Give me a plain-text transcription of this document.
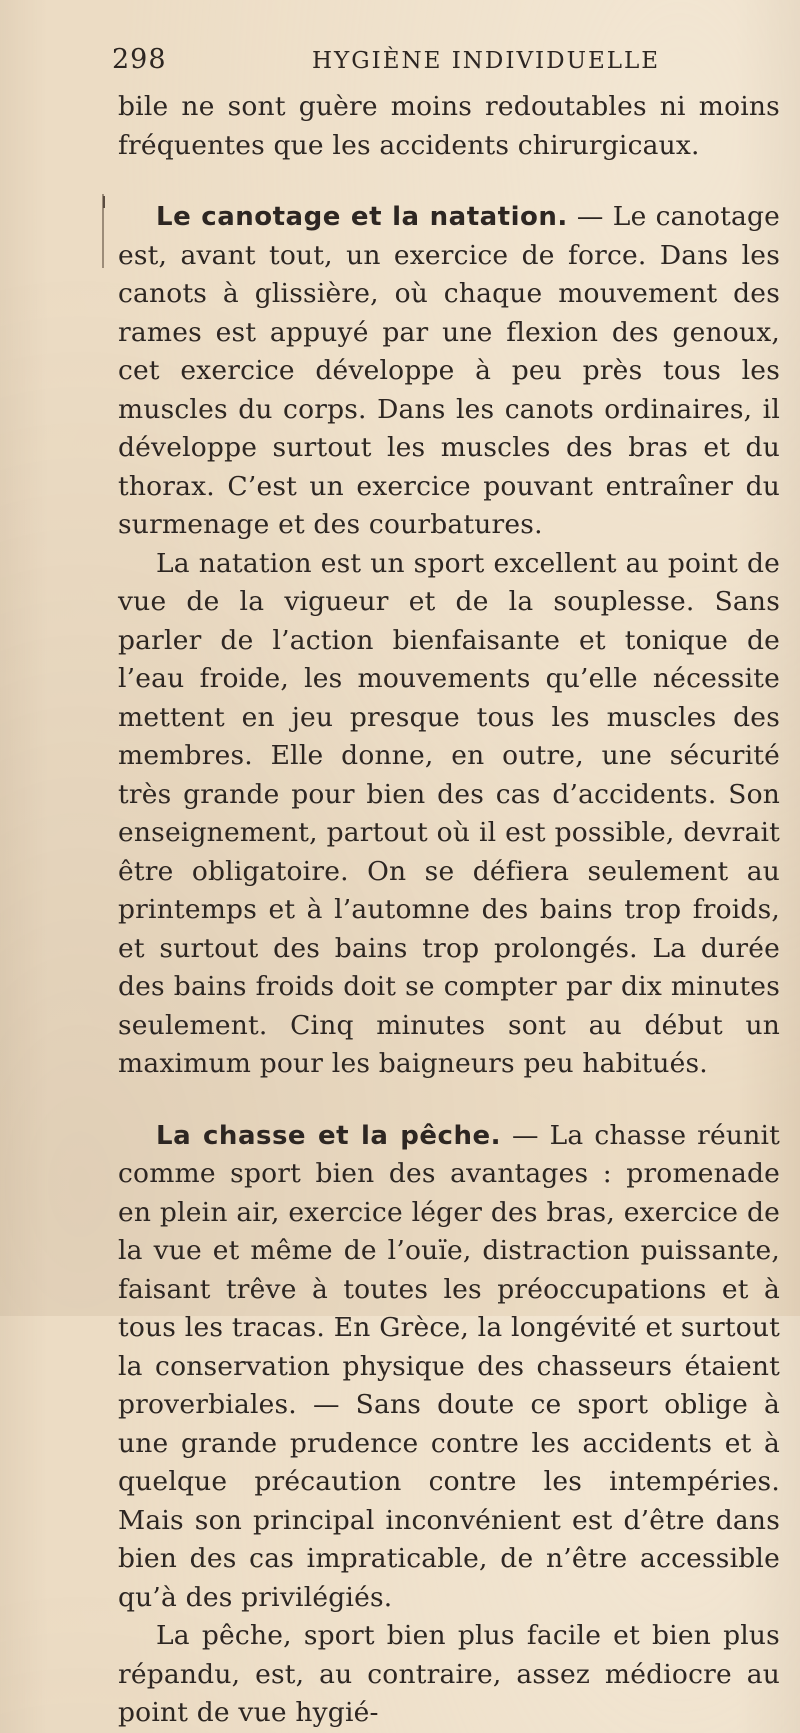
298	HYGIÈNE INDIVIDUELLE

bile ne sont guère moins redoutables ni moins fréquentes que les accidents chirurgicaux.

Le canotage et la natation. — Le canotage est, avant tout, un exercice de force. Dans les canots à glissière, où chaque mouvement des rames est appuyé par une flexion des genoux, cet exercice développe à peu près tous les muscles du corps. Dans les canots ordinaires, il développe surtout les muscles des bras et du thorax. C’est un exercice pouvant entraîner du surmenage et des courbatures.

La natation est un sport excellent au point de vue de la vigueur et de la souplesse. Sans parler de l’action bienfaisante et tonique de l’eau froide, les mouvements qu’elle nécessite mettent en jeu presque tous les muscles des membres. Elle donne, en outre, une sécurité très grande pour bien des cas d’accidents. Son enseignement, partout où il est possible, devrait être obligatoire. On se défiera seulement au printemps et à l’automne des bains trop froids, et surtout des bains trop prolongés. La durée des bains froids doit se compter par dix minutes seulement. Cinq minutes sont au début un maximum pour les baigneurs peu habitués.

La chasse et la pêche. — La chasse réunit comme sport bien des avantages : promenade en plein air, exercice léger des bras, exercice de la vue et même de l’ouïe, distraction puissante, faisant trêve à toutes les préoccupations et à tous les tracas. En Grèce, la longévité et surtout la conservation physique des chasseurs étaient proverbiales. — Sans doute ce sport oblige à une grande prudence contre les accidents et à quelque précaution contre les intempéries. Mais son principal inconvénient est d’être dans bien des cas impraticable, de n’être accessible qu’à des privilégiés.

La pêche, sport bien plus facile et bien plus répandu, est, au contraire, assez médiocre au point de vue hygié-
